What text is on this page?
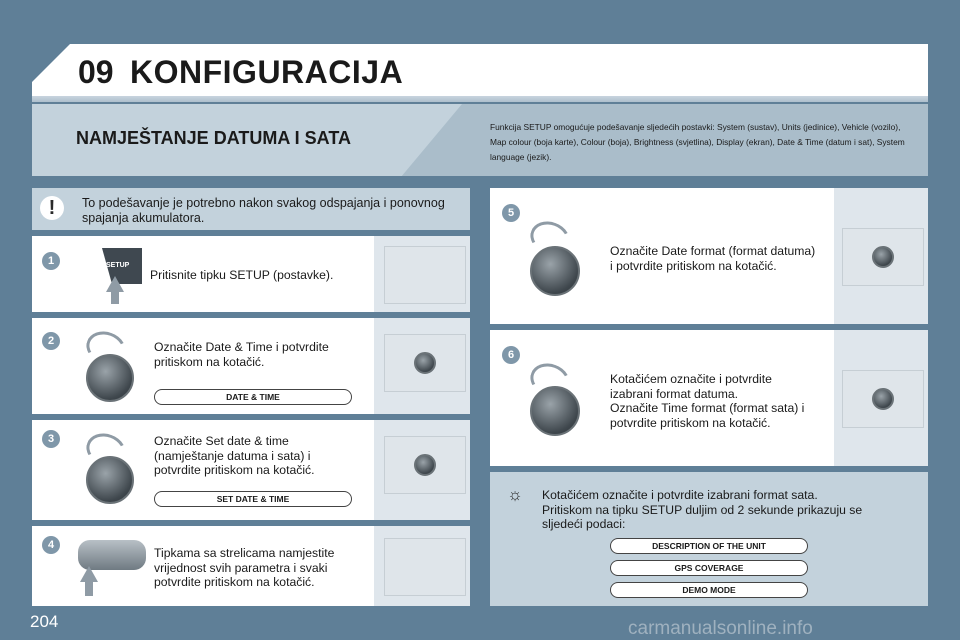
09 KONFIGURACIJA
NAMJEŠTANJE DATUMA I SATA
Funkcija SETUP omogućuje podešavanje sljedećih postavki: System (sustav), Units (jedinice), Vehicle (vozilo), Map colour (boja karte), Colour (boja), Brightness (svjetlina), Display (ekran), Date & Time (datum i sat), System language (jezik).
!	To podešavanje je potrebno nakon svakog odspajanja i ponovnog spajanja akumulatora.
1	SETUP
Pritisnite tipku SETUP (postavke).
2	Označite Date & Time i potvrdite
pritiskom na kotačić.
DATE & TIME
3	Označite Set date & time
(namještanje datuma i sata) i
potvrdite pritiskom na kotačić.
SET DATE & TIME
4
Tipkama sa strelicama namjestite
vrijednost svih parametra i svaki
potvrdite pritiskom na kotačić.
5
Označite Date format (format datuma)
i potvrdite pritiskom na kotačić.
6
Kotačićem označite i potvrdite
izabrani format datuma.
Označite Time format (format sata) i
potvrdite pritiskom na kotačić.
☼ Kotačićem označite i potvrdite izabrani format sata.
Pritiskom na tipku SETUP duljim od 2 sekunde prikazuju se
sljedeći podaci:
DESCRIPTION OF THE UNIT
GPS COVERAGE
DEMO MODE
204	carmanualsonline.info
